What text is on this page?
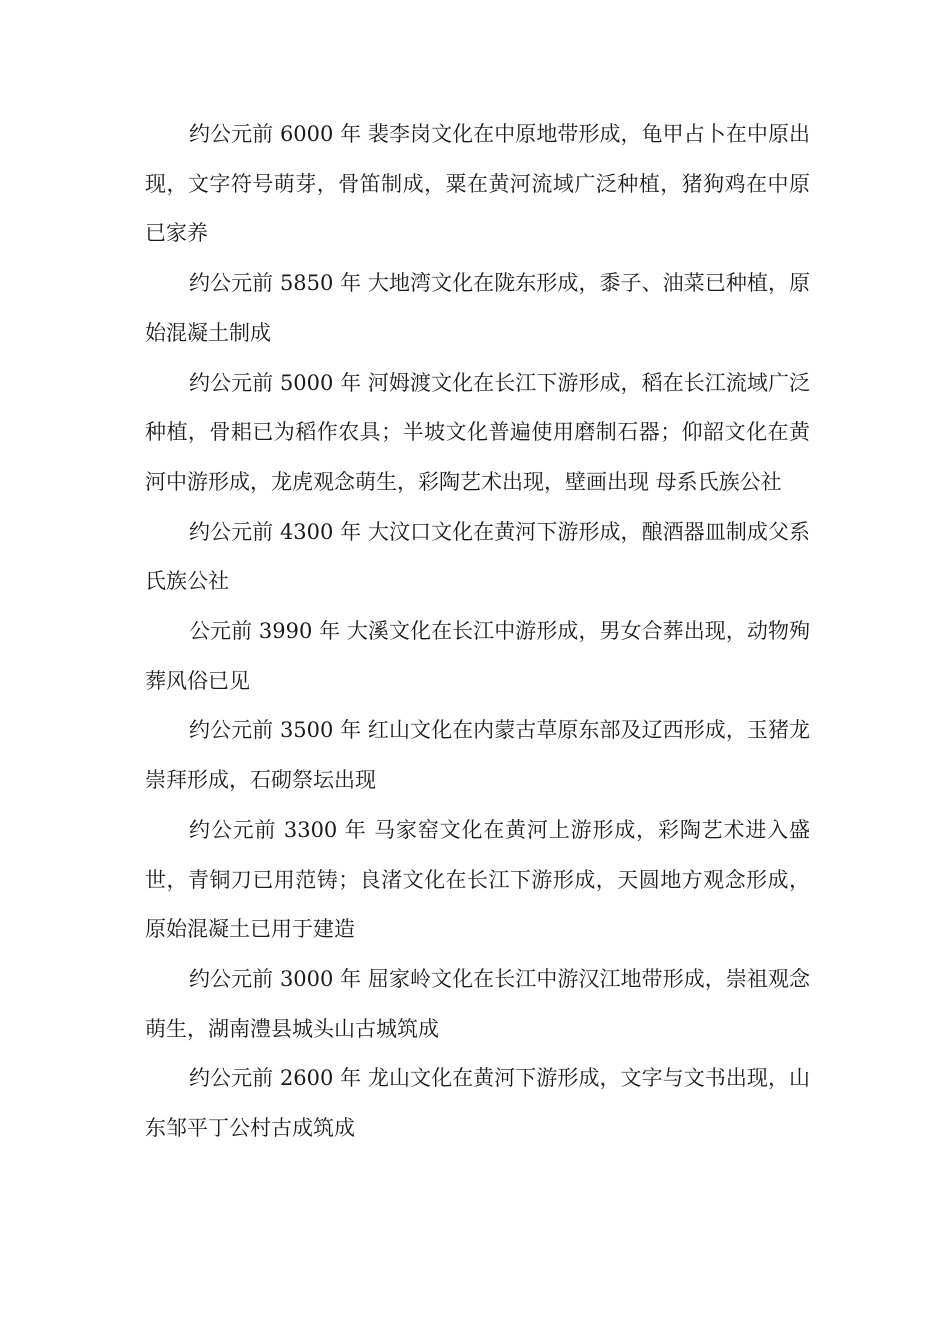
约公元前 6000 年 裴李岗文化在中原地带形成，龟甲占卜在中原出现，文字符号萌芽，骨笛制成，粟在黄河流域广泛种植，猪狗鸡在中原已家养

约公元前 5850 年 大地湾文化在陇东形成，黍子、油菜已种植，原始混凝土制成

约公元前 5000 年 河姆渡文化在长江下游形成，稻在长江流域广泛种植，骨耜已为稻作农具；半坡文化普遍使用磨制石器；仰韶文化在黄河中游形成，龙虎观念萌生，彩陶艺术出现，壁画出现 母系氏族公社

约公元前 4300 年 大汶口文化在黄河下游形成，酿酒器皿制成父系氏族公社

公元前 3990 年 大溪文化在长江中游形成，男女合葬出现，动物殉葬风俗已见

约公元前 3500 年 红山文化在内蒙古草原东部及辽西形成，玉猪龙崇拜形成，石砌祭坛出现

约公元前 3300 年 马家窑文化在黄河上游形成，彩陶艺术进入盛世，青铜刀已用范铸；良渚文化在长江下游形成，天圆地方观念形成，原始混凝土已用于建造

约公元前 3000 年 屈家岭文化在长江中游汉江地带形成，崇祖观念萌生，湖南澧县城头山古城筑成

约公元前 2600 年 龙山文化在黄河下游形成，文字与文书出现，山东邹平丁公村古成筑成
